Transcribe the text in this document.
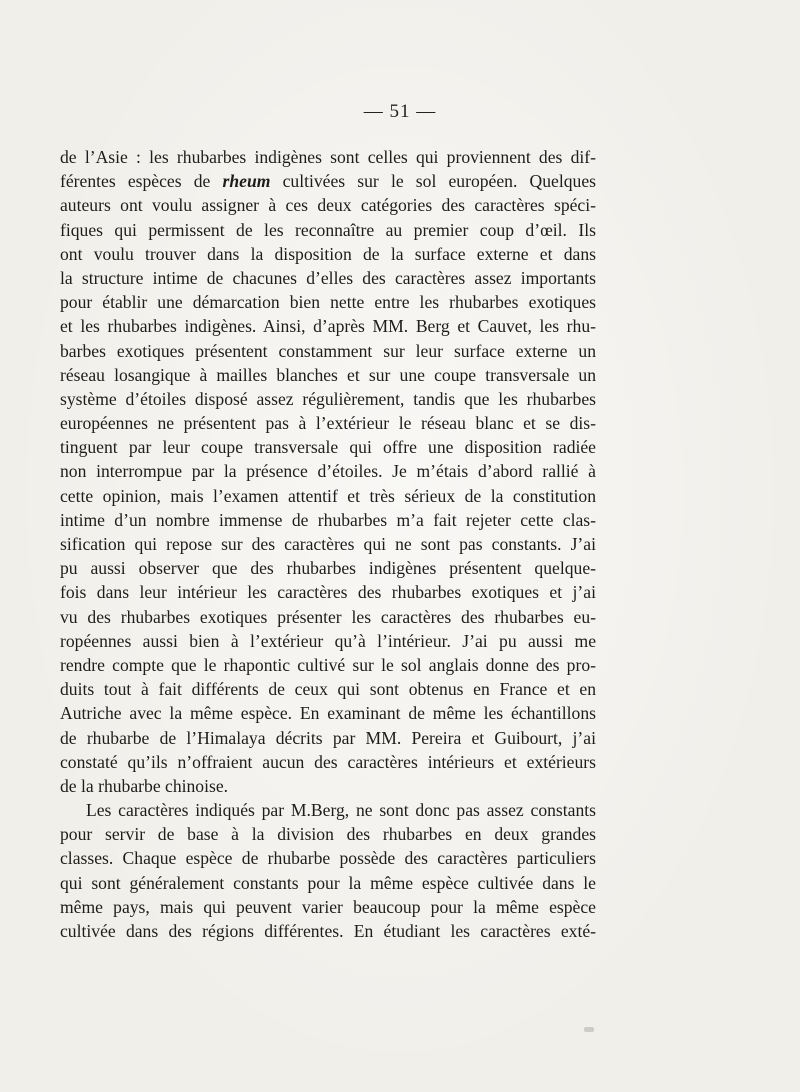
— 51 —
de l’Asie : les rhubarbes indigènes sont celles qui proviennent des dif-
férentes espèces de rheum cultivées sur le sol européen. Quelques
auteurs ont voulu assigner à ces deux catégories des caractères spéci-
fiques qui permissent de les reconnaître au premier coup d’œil. Ils
ont voulu trouver dans la disposition de la surface externe et dans
la structure intime de chacunes d’elles des caractères assez importants
pour établir une démarcation bien nette entre les rhubarbes exotiques
et les rhubarbes indigènes. Ainsi, d’après MM. Berg et Cauvet, les rhu-
barbes exotiques présentent constamment sur leur surface externe un
réseau losangique à mailles blanches et sur une coupe transversale un
système d’étoiles disposé assez régulièrement, tandis que les rhubarbes
européennes ne présentent pas à l’extérieur le réseau blanc et se dis-
tinguent par leur coupe transversale qui offre une disposition radiée
non interrompue par la présence d’étoiles. Je m’étais d’abord rallié à
cette opinion, mais l’examen attentif et très sérieux de la constitution
intime d’un nombre immense de rhubarbes m’a fait rejeter cette clas-
sification qui repose sur des caractères qui ne sont pas constants. J’ai
pu aussi observer que des rhubarbes indigènes présentent quelque-
fois dans leur intérieur les caractères des rhubarbes exotiques et j’ai
vu des rhubarbes exotiques présenter les caractères des rhubarbes eu-
ropéennes aussi bien à l’extérieur qu’à l’intérieur. J’ai pu aussi me
rendre compte que le rhapontic cultivé sur le sol anglais donne des pro-
duits tout à fait différents de ceux qui sont obtenus en France et en
Autriche avec la même espèce. En examinant de même les échantillons
de rhubarbe de l’Himalaya décrits par MM. Pereira et Guibourt, j’ai
constaté qu’ils n’offraient aucun des caractères intérieurs et extérieurs
de la rhubarbe chinoise.
Les caractères indiqués par M.Berg, ne sont donc pas assez constants
pour servir de base à la division des rhubarbes en deux grandes
classes. Chaque espèce de rhubarbe possède des caractères particuliers
qui sont généralement constants pour la même espèce cultivée dans le
même pays, mais qui peuvent varier beaucoup pour la même espèce
cultivée dans des régions différentes. En étudiant les caractères exté-
